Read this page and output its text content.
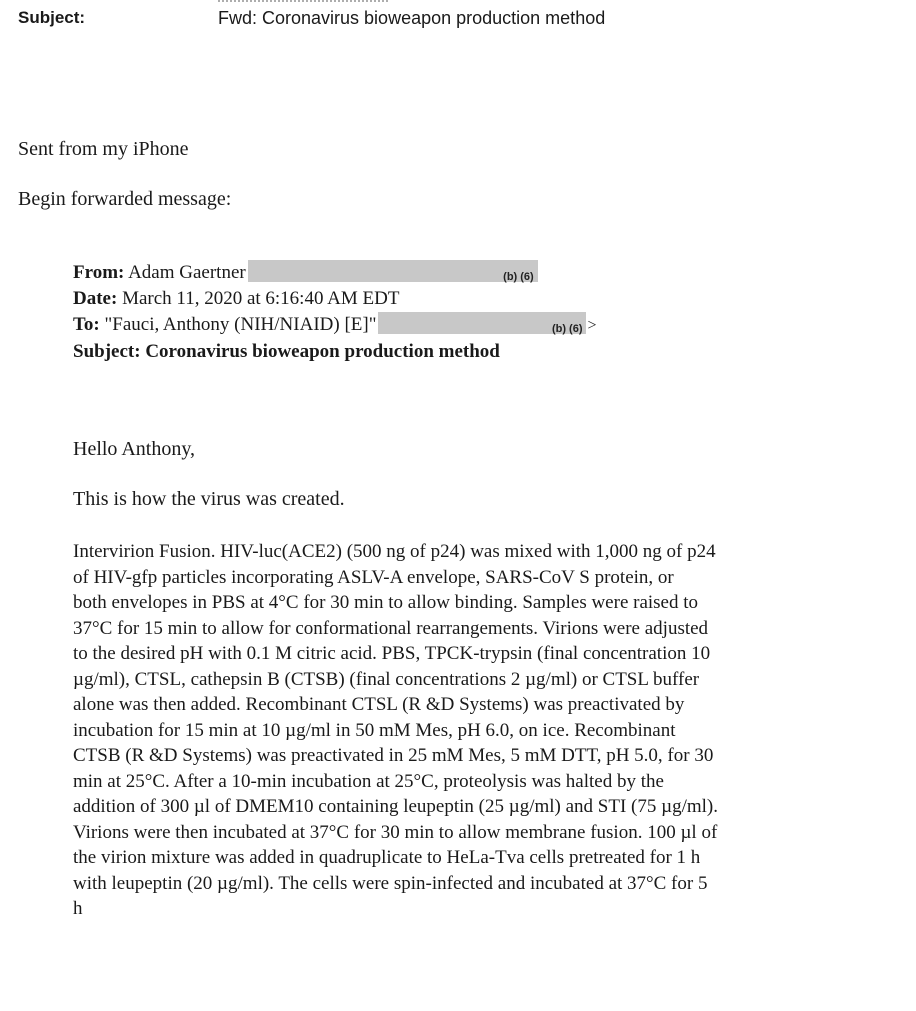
Subject:	Fwd: Coronavirus bioweapon production method
Sent from my iPhone
Begin forwarded message:
From: Adam Gaertner	(b) (6)
Date: March 11, 2020 at 6:16:40 AM EDT
To: "Fauci, Anthony (NIH/NIAID) [E]"	(b) (6) >
Subject: Coronavirus bioweapon production method
Hello Anthony,
This is how the virus was created.
Intervirion Fusion. HIV-luc(ACE2) (500 ng of p24) was mixed with 1,000 ng of p24
of HIV-gfp particles incorporating ASLV-A envelope, SARS-CoV S protein, or
both envelopes in PBS at 4°C for 30 min to allow binding. Samples were raised to
37°C for 15 min to allow for conformational rearrangements. Virions were adjusted
to the desired pH with 0.1 M citric acid. PBS, TPCK-trypsin (final concentration 10
µg/ml), CTSL, cathepsin B (CTSB) (final concentrations 2 µg/ml) or CTSL buffer
alone was then added. Recombinant CTSL (R &D Systems) was preactivated by
incubation for 15 min at 10 µg/ml in 50 mM Mes, pH 6.0, on ice. Recombinant
CTSB (R &D Systems) was preactivated in 25 mM Mes, 5 mM DTT, pH 5.0, for 30
min at 25°C. After a 10-min incubation at 25°C, proteolysis was halted by the
addition of 300 µl of DMEM10 containing leupeptin (25 µg/ml) and STI (75 µg/ml).
Virions were then incubated at 37°C for 30 min to allow membrane fusion. 100 µl of
the virion mixture was added in quadruplicate to HeLa-Tva cells pretreated for 1 h
with leupeptin (20 µg/ml). The cells were spin-infected and incubated at 37°C for 5
h
